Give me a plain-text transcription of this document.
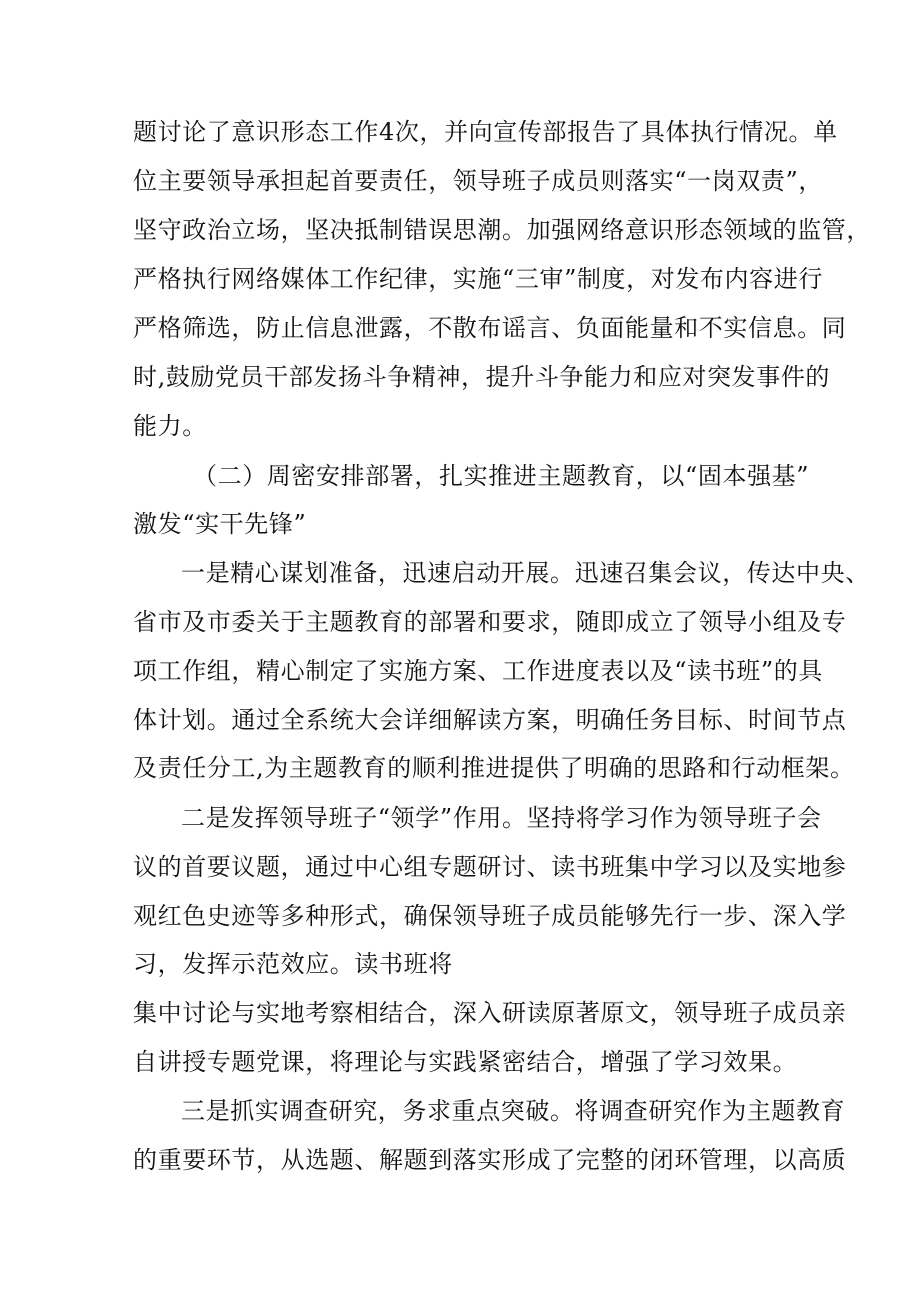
题讨论了意识形态工作4次，并向宣传部报告了具体执行情况。单

位主要领导承担起首要责任，领导班子成员则落实“一岗双责”，

坚守政治立场，坚决抵制错误思潮。加强网络意识形态领域的监管，

严格执行网络媒体工作纪律，实施“三审”制度，对发布内容进行

严格筛选，防止信息泄露，不散布谣言、负面能量和不实信息。同

时,鼓励党员干部发扬斗争精神，提升斗争能力和应对突发事件的

能力。

（二）周密安排部署，扎实推进主题教育，以“固本强基”

激发“实干先锋”

一是精心谋划准备，迅速启动开展。迅速召集会议，传达中央、

省市及市委关于主题教育的部署和要求，随即成立了领导小组及专

项工作组，精心制定了实施方案、工作进度表以及“读书班”的具

体计划。通过全系统大会详细解读方案，明确任务目标、时间节点

及责任分工,为主题教育的顺利推进提供了明确的思路和行动框架。

二是发挥领导班子“领学”作用。坚持将学习作为领导班子会

议的首要议题，通过中心组专题研讨、读书班集中学习以及实地参

观红色史迹等多种形式，确保领导班子成员能够先行一步、深入学

习，发挥示范效应。读书班将

集中讨论与实地考察相结合，深入研读原著原文，领导班子成员亲

自讲授专题党课，将理论与实践紧密结合，增强了学习效果。

三是抓实调查研究，务求重点突破。将调查研究作为主题教育

的重要环节，从选题、解题到落实形成了完整的闭环管理，以高质
